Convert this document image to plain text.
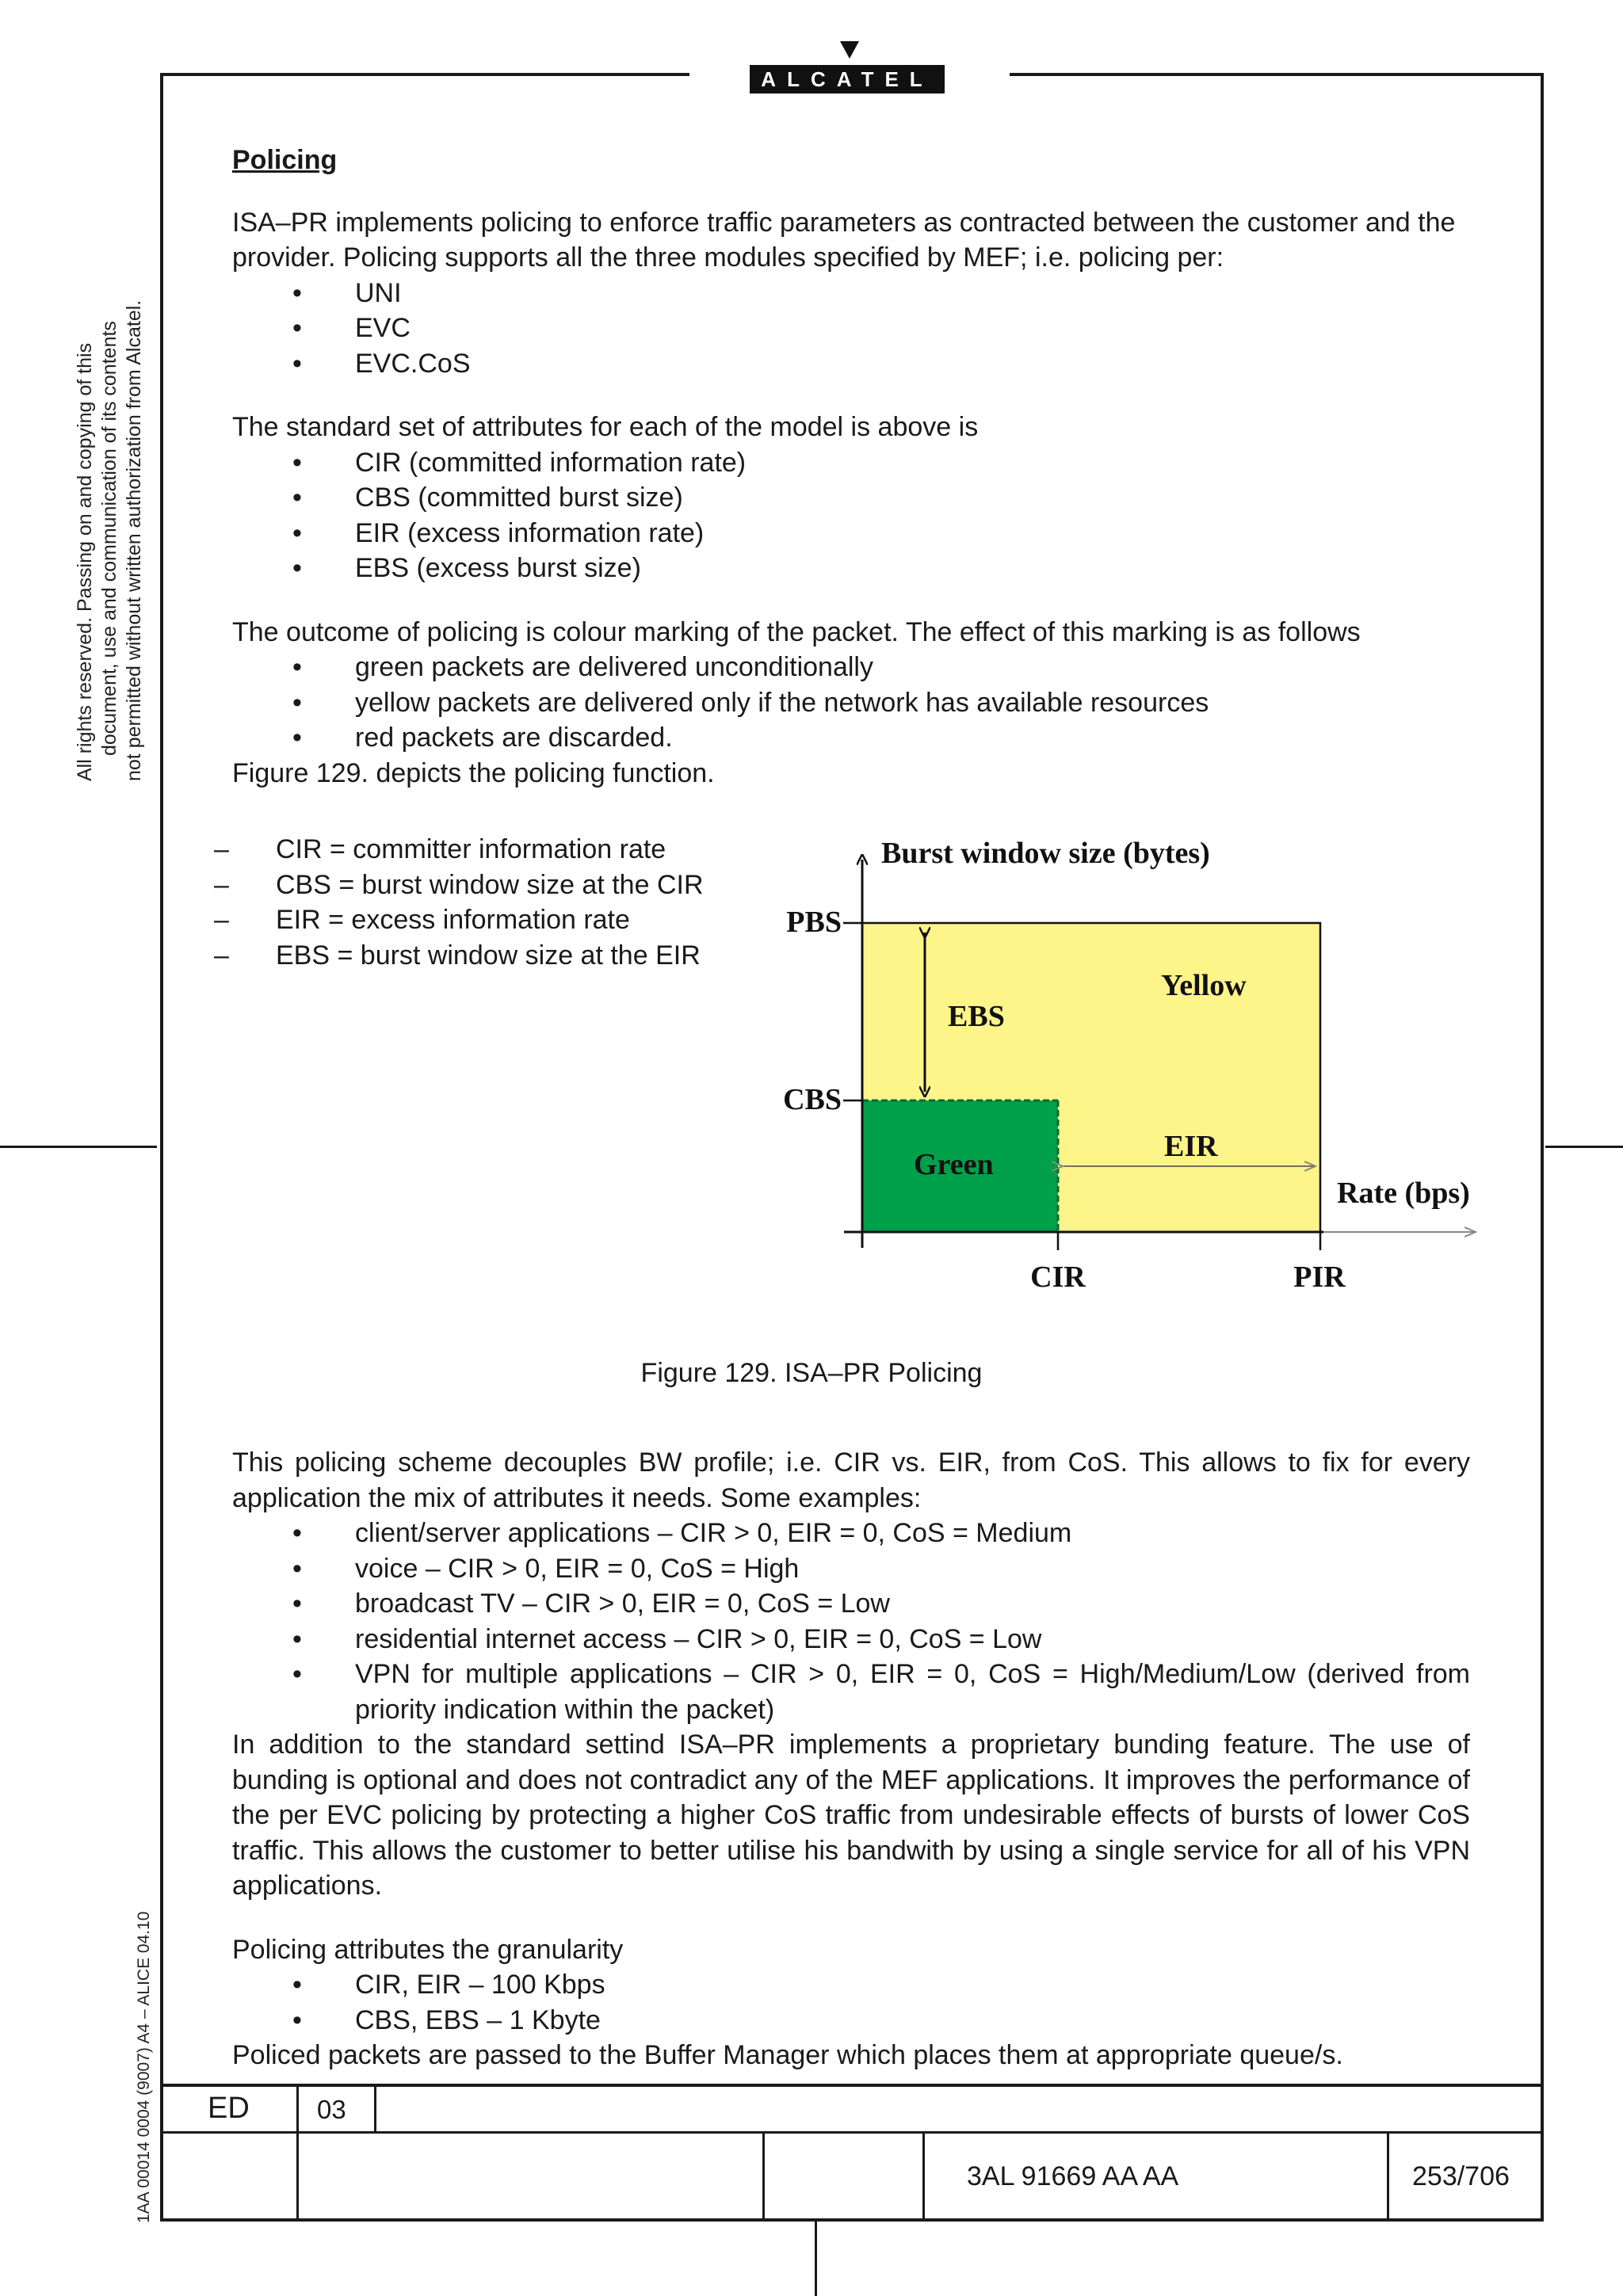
ALCATEL
All rights reserved. Passing on and copying of this document, use and communication of its contents not permitted without written authorization from Alcatel.
1AA 00014 0004 (9007) A4 – ALICE 04.10

Policing

ISA–PR implements policing to enforce traffic parameters as contracted between the customer and the provider. Policing supports all the three modules specified by MEF; i.e. policing per:

• UNI
• EVC
• EVC.CoS

The standard set of attributes for each of the model is above is

• CIR (committed information rate)
• CBS (committed burst size)
• EIR (excess information rate)
• EBS (excess burst size)

The outcome of policing is colour marking of the packet. The effect of this marking is as follows

• green packets are delivered unconditionally
• yellow packets are delivered only if the network has available resources
• red packets are discarded.

Figure 129. depicts the policing function.

– CIR = committer information rate
– CBS = burst window size at the CIR
– EIR = excess information rate
– EBS = burst window size at the EIR
Burst window size (bytes)
PBS
CBS
EBS
Yellow
Green
EIR
Rate (bps)
CIR	PIR
Figure 129. ISA–PR Policing

This policing scheme decouples BW profile; i.e. CIR vs. EIR, from CoS. This allows to fix for every application the mix of attributes it needs. Some examples:

• client/server applications – CIR > 0, EIR = 0, CoS = Medium
• voice – CIR > 0, EIR = 0, CoS = High
• broadcast TV – CIR > 0, EIR = 0, CoS = Low
• residential internet access – CIR > 0, EIR = 0, CoS = Low
• VPN for multiple applications – CIR > 0, EIR = 0, CoS = High/Medium/Low (derived from priority indication within the packet)

In addition to the standard settind ISA–PR implements a proprietary bunding feature. The use of bunding is optional and does not contradict any of the MEF applications. It improves the performance of the per EVC policing by protecting a higher CoS traffic from undesirable effects of bursts of lower CoS traffic. This allows the customer to better utilise his bandwith by using a single service for all of his VPN applications.

Policing attributes the granularity

• CIR, EIR – 100 Kbps
• CBS, EBS – 1 Kbyte

Policed packets are passed to the Buffer Manager which places them at appropriate queue/s.

ED	03
3AL 91669 AA AA	253/706
